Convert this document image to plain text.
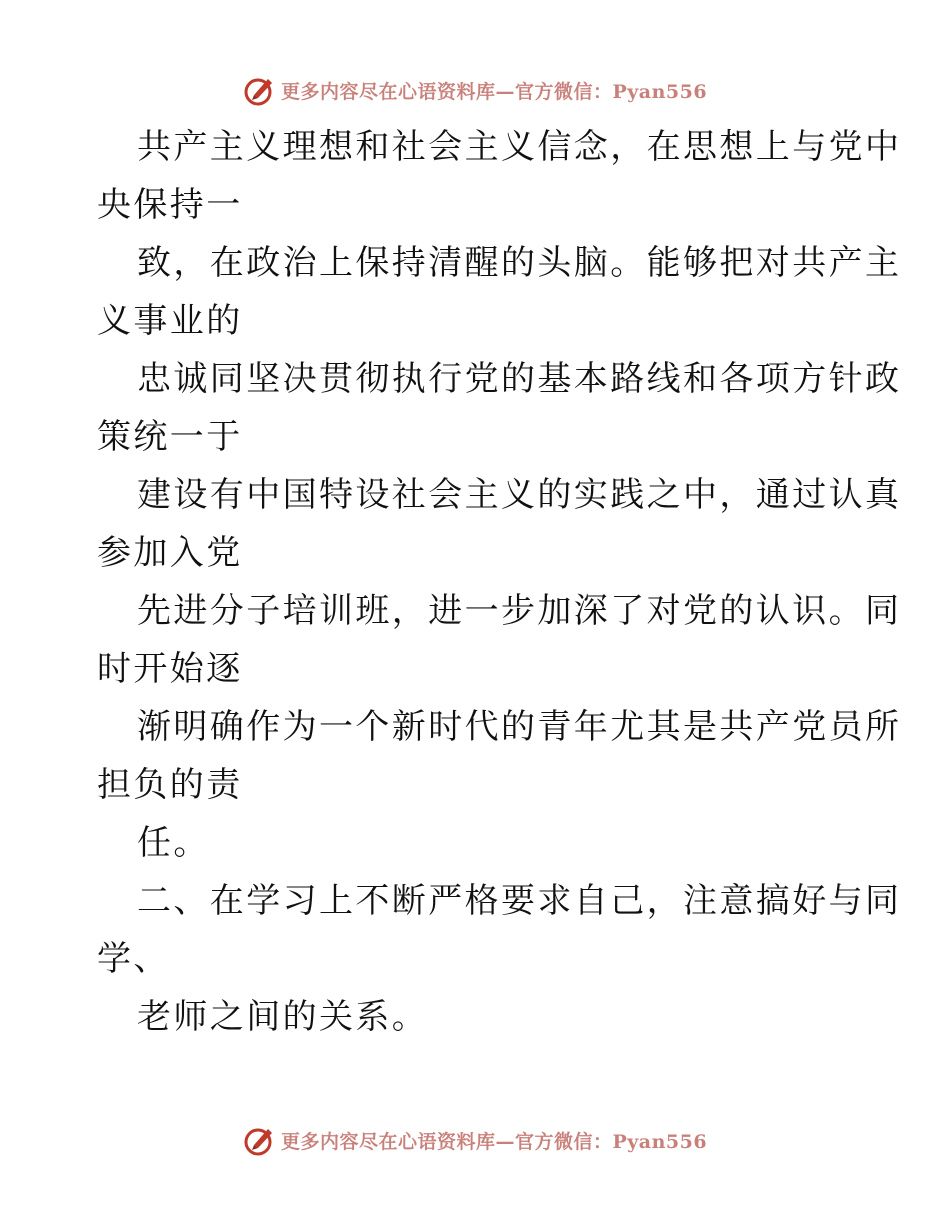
更多内容尽在心语资料库—官方微信：Pyan556

共产主义理想和社会主义信念，在思想上与党中
央保持一

致，在政治上保持清醒的头脑。能够把对共产主
义事业的

忠诚同坚决贯彻执行党的基本路线和各项方针政
策统一于

建设有中国特设社会主义的实践之中，通过认真
参加入党

先进分子培训班，进一步加深了对党的认识。同
时开始逐

渐明确作为一个新时代的青年尤其是共产党员所
担负的责

任。

二、在学习上不断严格要求自己，注意搞好与同
学、

老师之间的关系。

更多内容尽在心语资料库—官方微信：Pyan556
